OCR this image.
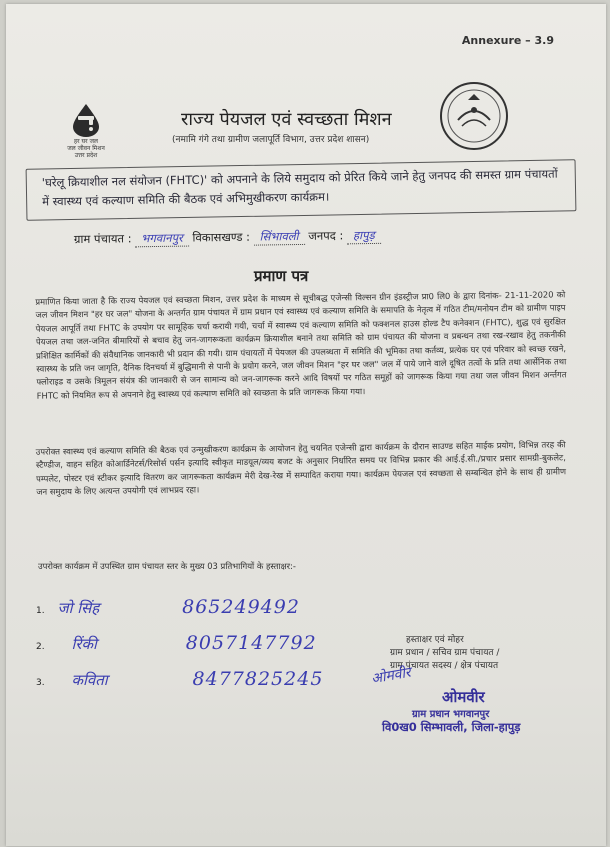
Annexure – 3.9
हर घर जल
जल जीवन मिशन
उत्तर प्रदेश
राज्य पेयजल एवं स्वच्छता मिशन
(नमामि गंगे तथा ग्रामीण जलापूर्ति विभाग, उत्तर प्रदेश शासन)
'घरेलू क्रियाशील नल संयोजन (FHTC)' को अपनाने के लिये समुदाय को प्रेरित किये जाने हेतु जनपद की समस्त ग्राम पंचायतों में स्वास्थ्य एवं कल्याण समिति की बैठक एवं अभिमुखीकरण कार्यक्रम।
ग्राम पंचायत : भगवानपुर विकासखण्ड : सिंभावली जनपद : हापुड़
प्रमाण पत्र
प्रमाणित किया जाता है कि राज्य पेयजल एवं स्वच्छता मिशन, उत्तर प्रदेश के माध्यम से सूचीबद्ध एजेन्सी विल्सन ग्रीन इंडस्ट्रीज प्रा0 लि0 के द्वारा दिनांक- 21-11-2020 को जल जीवन मिशन "हर घर जल" योजना के अन्तर्गत ग्राम पंचायत में ग्राम प्रधान एवं स्वास्थ्य एवं कल्याण समिति के समापति के नेतृत्व में गठित टीम/मनोयन टीम को ग्रामीण पाइप पेयजल आपूर्ति तथा FHTC के उपयोग पर सामूहिक चर्चा करायी गयी, चर्चा में स्वास्थ्य एवं कल्याण समिति को फक्शनल हाउस होल्ड टैप कनेक्शन (FHTC), शुद्ध एवं सुरक्षित पेयजल तथा जल-जनित बीमारियों से बचाव हेतु जन-जागरूकता कार्यक्रम क्रियाशील बनाने तथा समिति को ग्राम पंचायत की योजना व प्रबन्धन तथा रख-रखाव हेतु तकनीकी प्रशिक्षित कार्मिकों की संवैधानिक जानकारी भी प्रदान की गयी। ग्राम पंचायतों में पेयजल की उपलब्धता में समिति की भूमिका तथा कर्तव्य, प्रत्येक घर एवं परिवार को स्वच्छ रखने, स्वास्थ्य के प्रति जन जागृति, दैनिक दिनचर्या में बुद्धिमानी से पानी के प्रयोग करने, जल जीवन मिशन "हर घर जल" जल में पाये जाने वाले दूषित तत्वों के प्रति तथा आर्सेनिक तथा फ्लोराइड व उसके त्रिमूलन संयंत्र की जानकारी से जन सामान्य को जन-जागरूक करने आदि विषयों पर गठित समूहों को जागरूक किया गया तथा जल जीवन मिशन अर्न्तगत FHTC को नियमित रूप से अपनाने हेतु स्वास्थ्य एवं कल्याण समिति को स्वच्छता के प्रति जागरूक किया गया।
उपरोक्त स्वास्थ्य एवं कल्याण समिति की बैठक एवं उन्मुखीकरण कार्यक्रम के आयोजन हेतु चयनित एजेन्सी द्वारा कार्यक्रम के दौरान साउण्ड सहित माईक प्रयोग, विभिन्न तरह की स्टैण्डीज, वाहन सहित कोआर्डिनेटर्स/रिसोर्स पर्सन इत्यादि स्वीकृत माडयूल/व्यय बजट के अनुसार निर्धारित समय पर विभिन्न प्रकार की आई.ई.सी./प्रचार प्रसार सामग्री-बुकलेट, पम्पलेट, पोस्टर एवं स्टीकर इत्यादि वितरण कर जागरूकता कार्यक्रम मेरी देख-रेख में सम्पादित कराया गया। कार्यक्रम पेयजल एवं स्वच्छता से सम्बन्धित होने के साथ ही ग्रामीण जन समुदाय के लिए अत्यन्त उपयोगी एवं लाभप्रद रहा।
उपरोक्त कार्यक्रम में उपस्थित ग्राम पंचायत स्तर के मुख्य 03 प्रतिभागियों के हस्ताक्षर:-
1. जो सिंह	865249492
2. रिंकी	8057147792
3. कविता	8477825245
हस्ताक्षर एवं मोहर
ग्राम प्रधान / सचिव ग्राम पंचायत /
ग्राम पंचायत सदस्य / क्षेत्र पंचायत
ओमवीर
ओमवीर
ग्राम प्रधान भगवानपुर
वि0ख0 सिम्भावली, जिला-हापुड़
